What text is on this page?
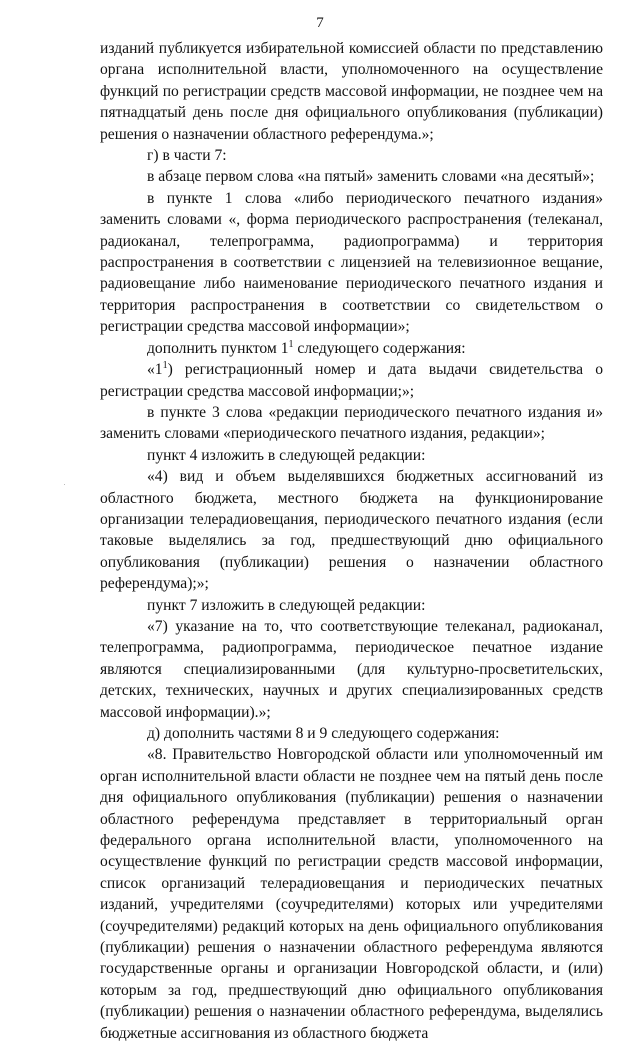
7

изданий публикуется избирательной комиссией области по представлению органа исполнительной власти, уполномоченного на осуществление функций по регистрации средств массовой информации, не позднее чем на пятнадцатый день после дня официального опубликования (публикации) решения о назначении областного референдума.»;

г) в части 7:

в абзаце первом слова «на пятый» заменить словами «на десятый»;

в пункте 1 слова «либо периодического печатного издания» заменить словами «, форма периодического распространения (телеканал, радиоканал, телепрограмма, радиопрограмма) и территория распространения в соответствии с лицензией на телевизионное вещание, радиовещание либо наименование периодического печатного издания и территория распространения в соответствии со свидетельством о регистрации средства массовой информации»;

дополнить пунктом $1^1$ следующего содержания:

«$1^1$) регистрационный номер и дата выдачи свидетельства о регистрации средства массовой информации;»;

в пункте 3 слова «редакции периодического печатного издания и» заменить словами «периодического печатного издания, редакции»;

пункт 4 изложить в следующей редакции:

«4) вид и объем выделявшихся бюджетных ассигнований из областного бюджета, местного бюджета на функционирование организации телерадиовещания, периодического печатного издания (если таковые выделялись за год, предшествующий дню официального опубликования (публикации) решения о назначении областного референдума);»;

пункт 7 изложить в следующей редакции:

«7) указание на то, что соответствующие телеканал, радиоканал, телепрограмма, радиопрограмма, периодическое печатное издание являются специализированными (для культурно-просветительских, детских, технических, научных и других специализированных средств массовой информации).»;

д) дополнить частями 8 и 9 следующего содержания:

«8. Правительство Новгородской области или уполномоченный им орган исполнительной власти области не позднее чем на пятый день после дня официального опубликования (публикации) решения о назначении областного референдума представляет в территориальный орган федерального органа исполнительной власти, уполномоченного на осуществление функций по регистрации средств массовой информации, список организаций телерадиовещания и периодических печатных изданий, учредителями (соучредителями) которых или учредителями (соучредителями) редакций которых на день официального опубликования (публикации) решения о назначении областного референдума являются государственные органы и организации Новгородской области, и (или) которым за год, предшествующий дню официального опубликования (публикации) решения о назначении областного референдума, выделялись бюджетные ассигнования из областного бюджета
